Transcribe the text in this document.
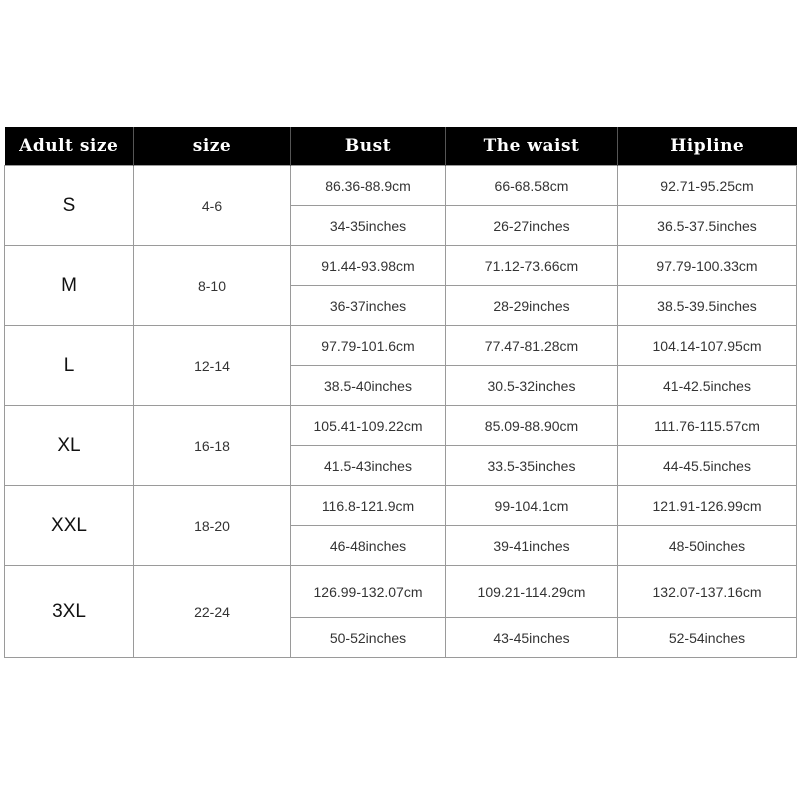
Adult size	size	Bust	The waist	Hipline
S	4-6	86.36-88.9cm	66-68.58cm	92.71-95.25cm
		34-35inches	26-27inches	36.5-37.5inches
M	8-10	91.44-93.98cm	71.12-73.66cm	97.79-100.33cm
		36-37inches	28-29inches	38.5-39.5inches
L	12-14	97.79-101.6cm	77.47-81.28cm	104.14-107.95cm
		38.5-40inches	30.5-32inches	41-42.5inches
XL	16-18	105.41-109.22cm	85.09-88.90cm	111.76-115.57cm
		41.5-43inches	33.5-35inches	44-45.5inches
XXL	18-20	116.8-121.9cm	99-104.1cm	121.91-126.99cm
		46-48inches	39-41inches	48-50inches
3XL	22-24	126.99-132.07cm	109.21-114.29cm	132.07-137.16cm
		50-52inches	43-45inches	52-54inches
